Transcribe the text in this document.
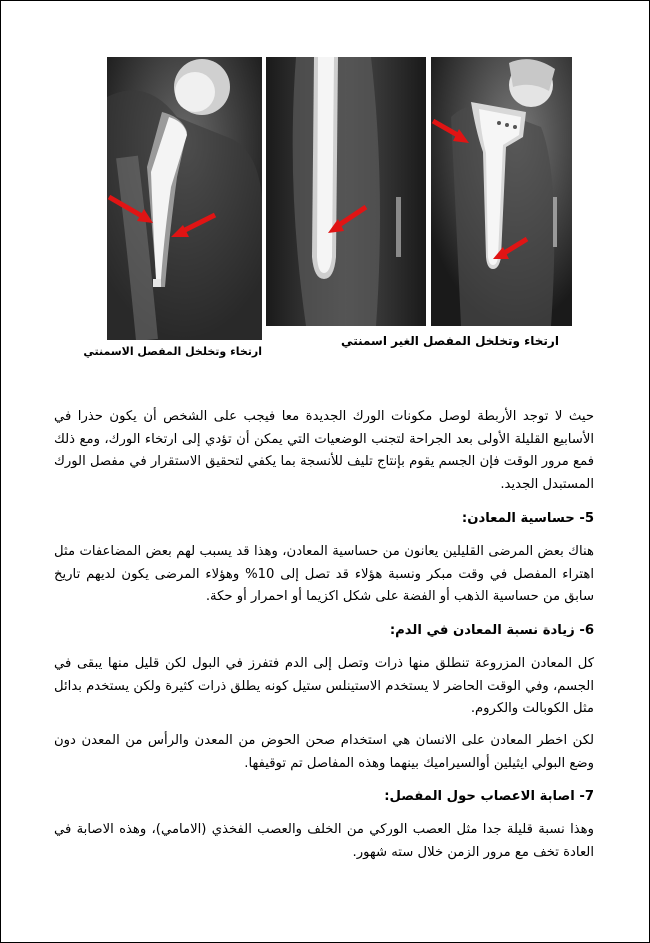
ارتخاء وتخلخل المفصل الاسمنتي
ارتخاء وتخلخل المفصل الغير اسمنتي

حيث لا توجد الأربطة لوصل مكونات الورك الجديدة معا فيجب على الشخص أن يكون حذرا في الأسابيع القليلة الأولى بعد الجراحة لتجنب الوضعيات التي يمكن أن تؤدي إلى ارتخاء الورك، ومع ذلك فمع مرور الوقت فإن الجسم يقوم بإنتاج تليف للأنسجة بما يكفي لتحقيق الاستقرار في مفصل الورك المستبدل الجديد.

5- حساسية المعادن:

هناك بعض المرضى القليلين يعانون من حساسية المعادن، وهذا قد يسبب لهم بعض المضاعفات مثل اهتراء المفصل في وقت مبكر ونسبة هؤلاء قد تصل إلى 10% وهؤلاء المرضى يكون لديهم تاريخ سابق من حساسية الذهب أو الفضة على شكل اكزيما أو احمرار أو حكة.

6- زيادة نسبة المعادن في الدم:

كل المعادن المزروعة تنطلق منها ذرات وتصل إلى الدم فتفرز في البول لكن قليل منها يبقى في الجسم، وفي الوقت الحاضر لا يستخدم الاستينلس ستيل كونه يطلق ذرات كثيرة ولكن يستخدم بدائل مثل الكوبالت والكروم.

لكن اخطر المعادن على الانسان هي استخدام صحن الحوض من المعدن والرأس من المعدن دون وضع البولي ايثيلين أوالسيراميك بينهما وهذه المفاصل تم توقيفها.

7- اصابة الاعصاب حول المفصل:

وهذا نسبة قليلة جدا مثل العصب الوركي من الخلف والعصب الفخذي (الامامي)، وهذه الاصابة في العادة تخف مع مرور الزمن خلال سته شهور.
